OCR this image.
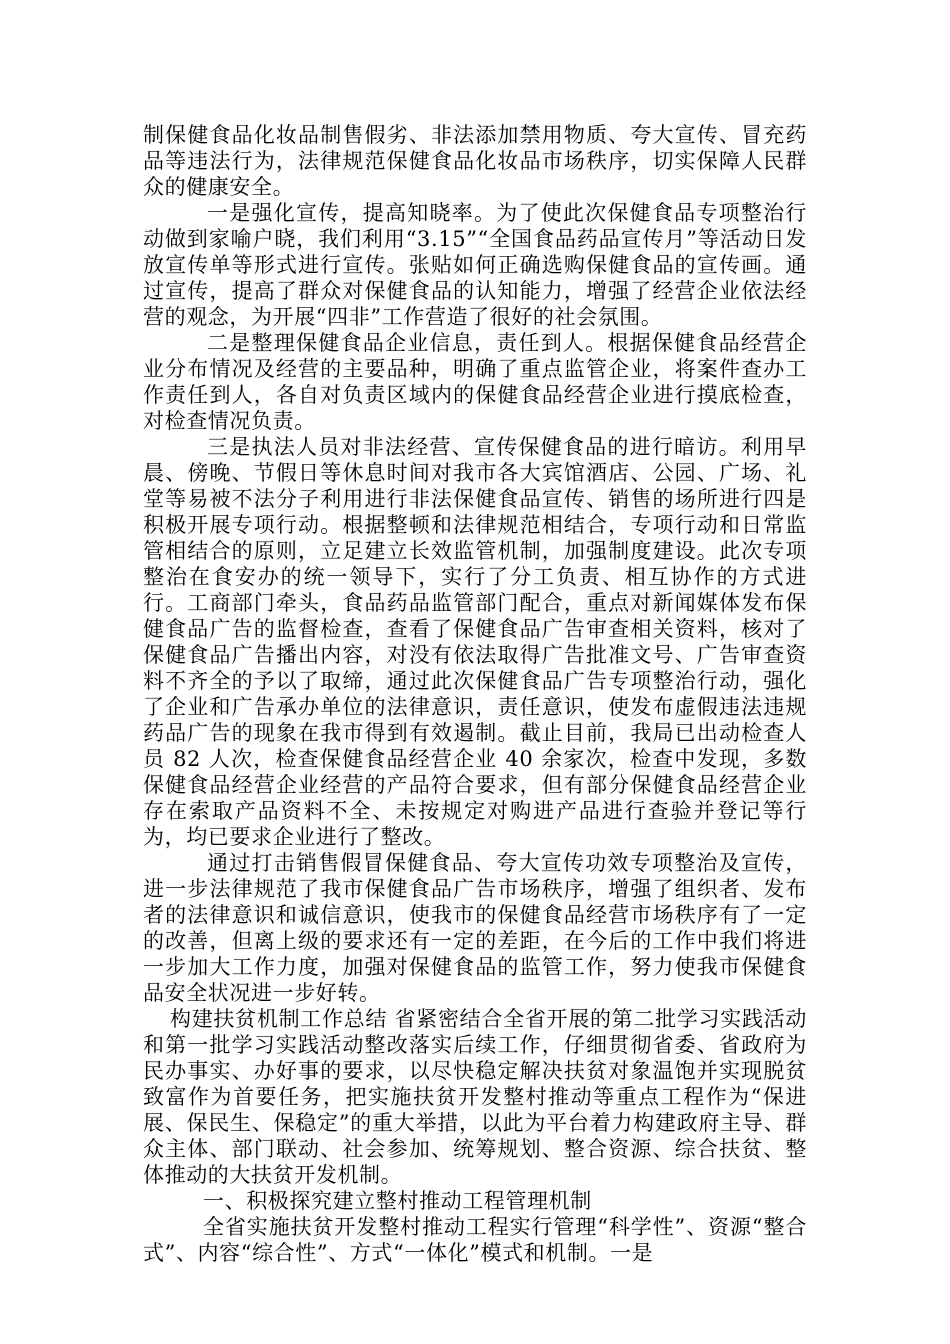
制保健食品化妆品制售假劣、非法添加禁用物质、夸大宣传、冒充药品等违法行为，法律规范保健食品化妆品市场秩序，切实保障人民群众的健康安全。

一是强化宣传，提高知晓率。为了使此次保健食品专项整治行动做到家喻户晓，我们利用“3.15”“全国食品药品宣传月”等活动日发放宣传单等形式进行宣传。张贴如何正确选购保健食品的宣传画。通过宣传，提高了群众对保健食品的认知能力，增强了经营企业依法经营的观念，为开展“四非”工作营造了很好的社会氛围。

二是整理保健食品企业信息，责任到人。根据保健食品经营企业分布情况及经营的主要品种，明确了重点监管企业，将案件查办工作责任到人，各自对负责区域内的保健食品经营企业进行摸底检查，对检查情况负责。

三是执法人员对非法经营、宣传保健食品的进行暗访。利用早晨、傍晚、节假日等休息时间对我市各大宾馆酒店、公园、广场、礼堂等易被不法分子利用进行非法保健食品宣传、销售的场所进行四是积极开展专项行动。根据整顿和法律规范相结合，专项行动和日常监管相结合的原则，立足建立长效监管机制，加强制度建设。此次专项整治在食安办的统一领导下，实行了分工负责、相互协作的方式进行。工商部门牵头，食品药品监管部门配合，重点对新闻媒体发布保健食品广告的监督检查，查看了保健食品广告审查相关资料，核对了保健食品广告播出内容，对没有依法取得广告批准文号、广告审查资料不齐全的予以了取缔，通过此次保健食品广告专项整治行动，强化了企业和广告承办单位的法律意识，责任意识，使发布虚假违法违规药品广告的现象在我市得到有效遏制。截止目前，我局已出动检查人员 82 人次，检查保健食品经营企业 40 余家次，检查中发现，多数保健食品经营企业经营的产品符合要求，但有部分保健食品经营企业存在索取产品资料不全、未按规定对购进产品进行查验并登记等行为，均已要求企业进行了整改。

通过打击销售假冒保健食品、夸大宣传功效专项整治及宣传，进一步法律规范了我市保健食品广告市场秩序，增强了组织者、发布者的法律意识和诚信意识，使我市的保健食品经营市场秩序有了一定的改善，但离上级的要求还有一定的差距，在今后的工作中我们将进一步加大工作力度，加强对保健食品的监管工作，努力使我市保健食品安全状况进一步好转。

构建扶贫机制工作总结 省紧密结合全省开展的第二批学习实践活动和第一批学习实践活动整改落实后续工作，仔细贯彻省委、省政府为民办事实、办好事的要求，以尽快稳定解决扶贫对象温饱并实现脱贫致富作为首要任务，把实施扶贫开发整村推动等重点工程作为“保进展、保民生、保稳定”的重大举措，以此为平台着力构建政府主导、群众主体、部门联动、社会参加、统筹规划、整合资源、综合扶贫、整体推动的大扶贫开发机制。

一、积极探究建立整村推动工程管理机制

全省实施扶贫开发整村推动工程实行管理“科学性”、资源“整合式”、内容“综合性”、方式“一体化”模式和机制。一是
